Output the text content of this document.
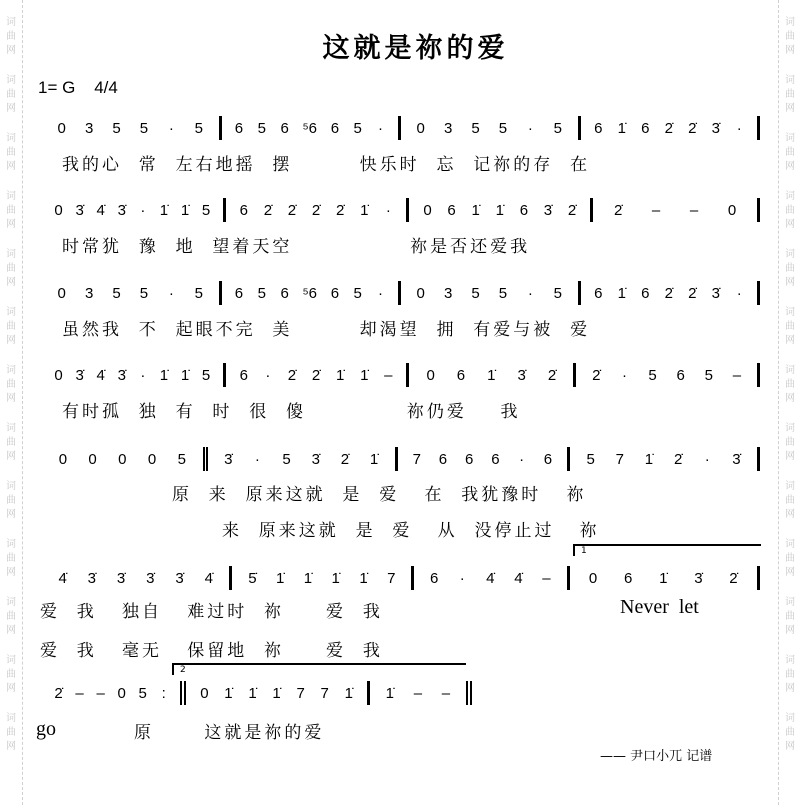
词
曲
网
词
曲
网
词
曲
网
词
曲
网
词
曲
网
词
曲
网
词
曲
网
词
曲
网
词
曲
网
词
曲
网
词
曲
网
词
曲
网
词
曲
网
词
曲
网
词
曲
网
词
曲
网
词
曲
网
词
曲
网
词
曲
网
词
曲
网
词
曲
网
词
曲
网
词
曲
网
词
曲
网
词
曲
网
词
曲
网
这就是祢的爱
1= G    4/4
0 3 5 5 · 5 6 5 6 ⁵6 6 5 · 0 3 5 5 · 5 6 1̇ 6 2̇ 2̇ 3̇ ·
0 3̇ 4̇ 3̇ · 1̇ 1̇ 5 6 2̇ 2̇ 2̇ 2̇ 1̇ · 0 6 1̇ 1̇ 6 3̇ 2̇	2̇ – – 0
0 3 5 5 · 5 6 5 6 ⁵6 6 5 · 0 3 5 5 · 5 6 1̇ 6 2̇ 2̇ 3̇ ·
0 3̇ 4̇ 3̇ · 1̇ 1̇ 5 6 · 2̇ 2̇ 1̇ 1̇ – 0 6 1̇ 3̇ 2̇ 2̇ · 5 6 5 –
0 0 0 0 5	3̇ · 5 3̇ 2̇ 1̇ 7 6 6 6 · 6 5 7 1̇ 2̇ · 3̇
4̇ 3̇ 3̇ 3̇ 3̇ 4̇ 5̇ 1̇ 1̇ 1̇ 1̇ 7 6 · 4̇ 4̇ –	0 6 1̇ 3̇ 2̇
2̇ – – 0 5 : 0 1̇ 1̇ 1̇ 7 7 1̇ 1̇ – –
我的心  常  左右地摇  摆        快乐时  忘  记祢的存  在
时常犹  豫  地  望着天空              祢是否还爱我
虽然我  不  起眼不完  美        却渴望  拥  有爱与被  爱
有时孤  独  有  时  很  傻            祢仍爱    我
原  来  原来这就  是  爱   在  我犹豫时   祢
来  原来这就  是  爱   从  没停止过   祢
爱  我   独自   难过时  祢     爱  我	Never  let
爱  我   毫无   保留地  祢     爱  我
go	原      这就是祢的爱
1
2
—— 尹口小兀 记谱
